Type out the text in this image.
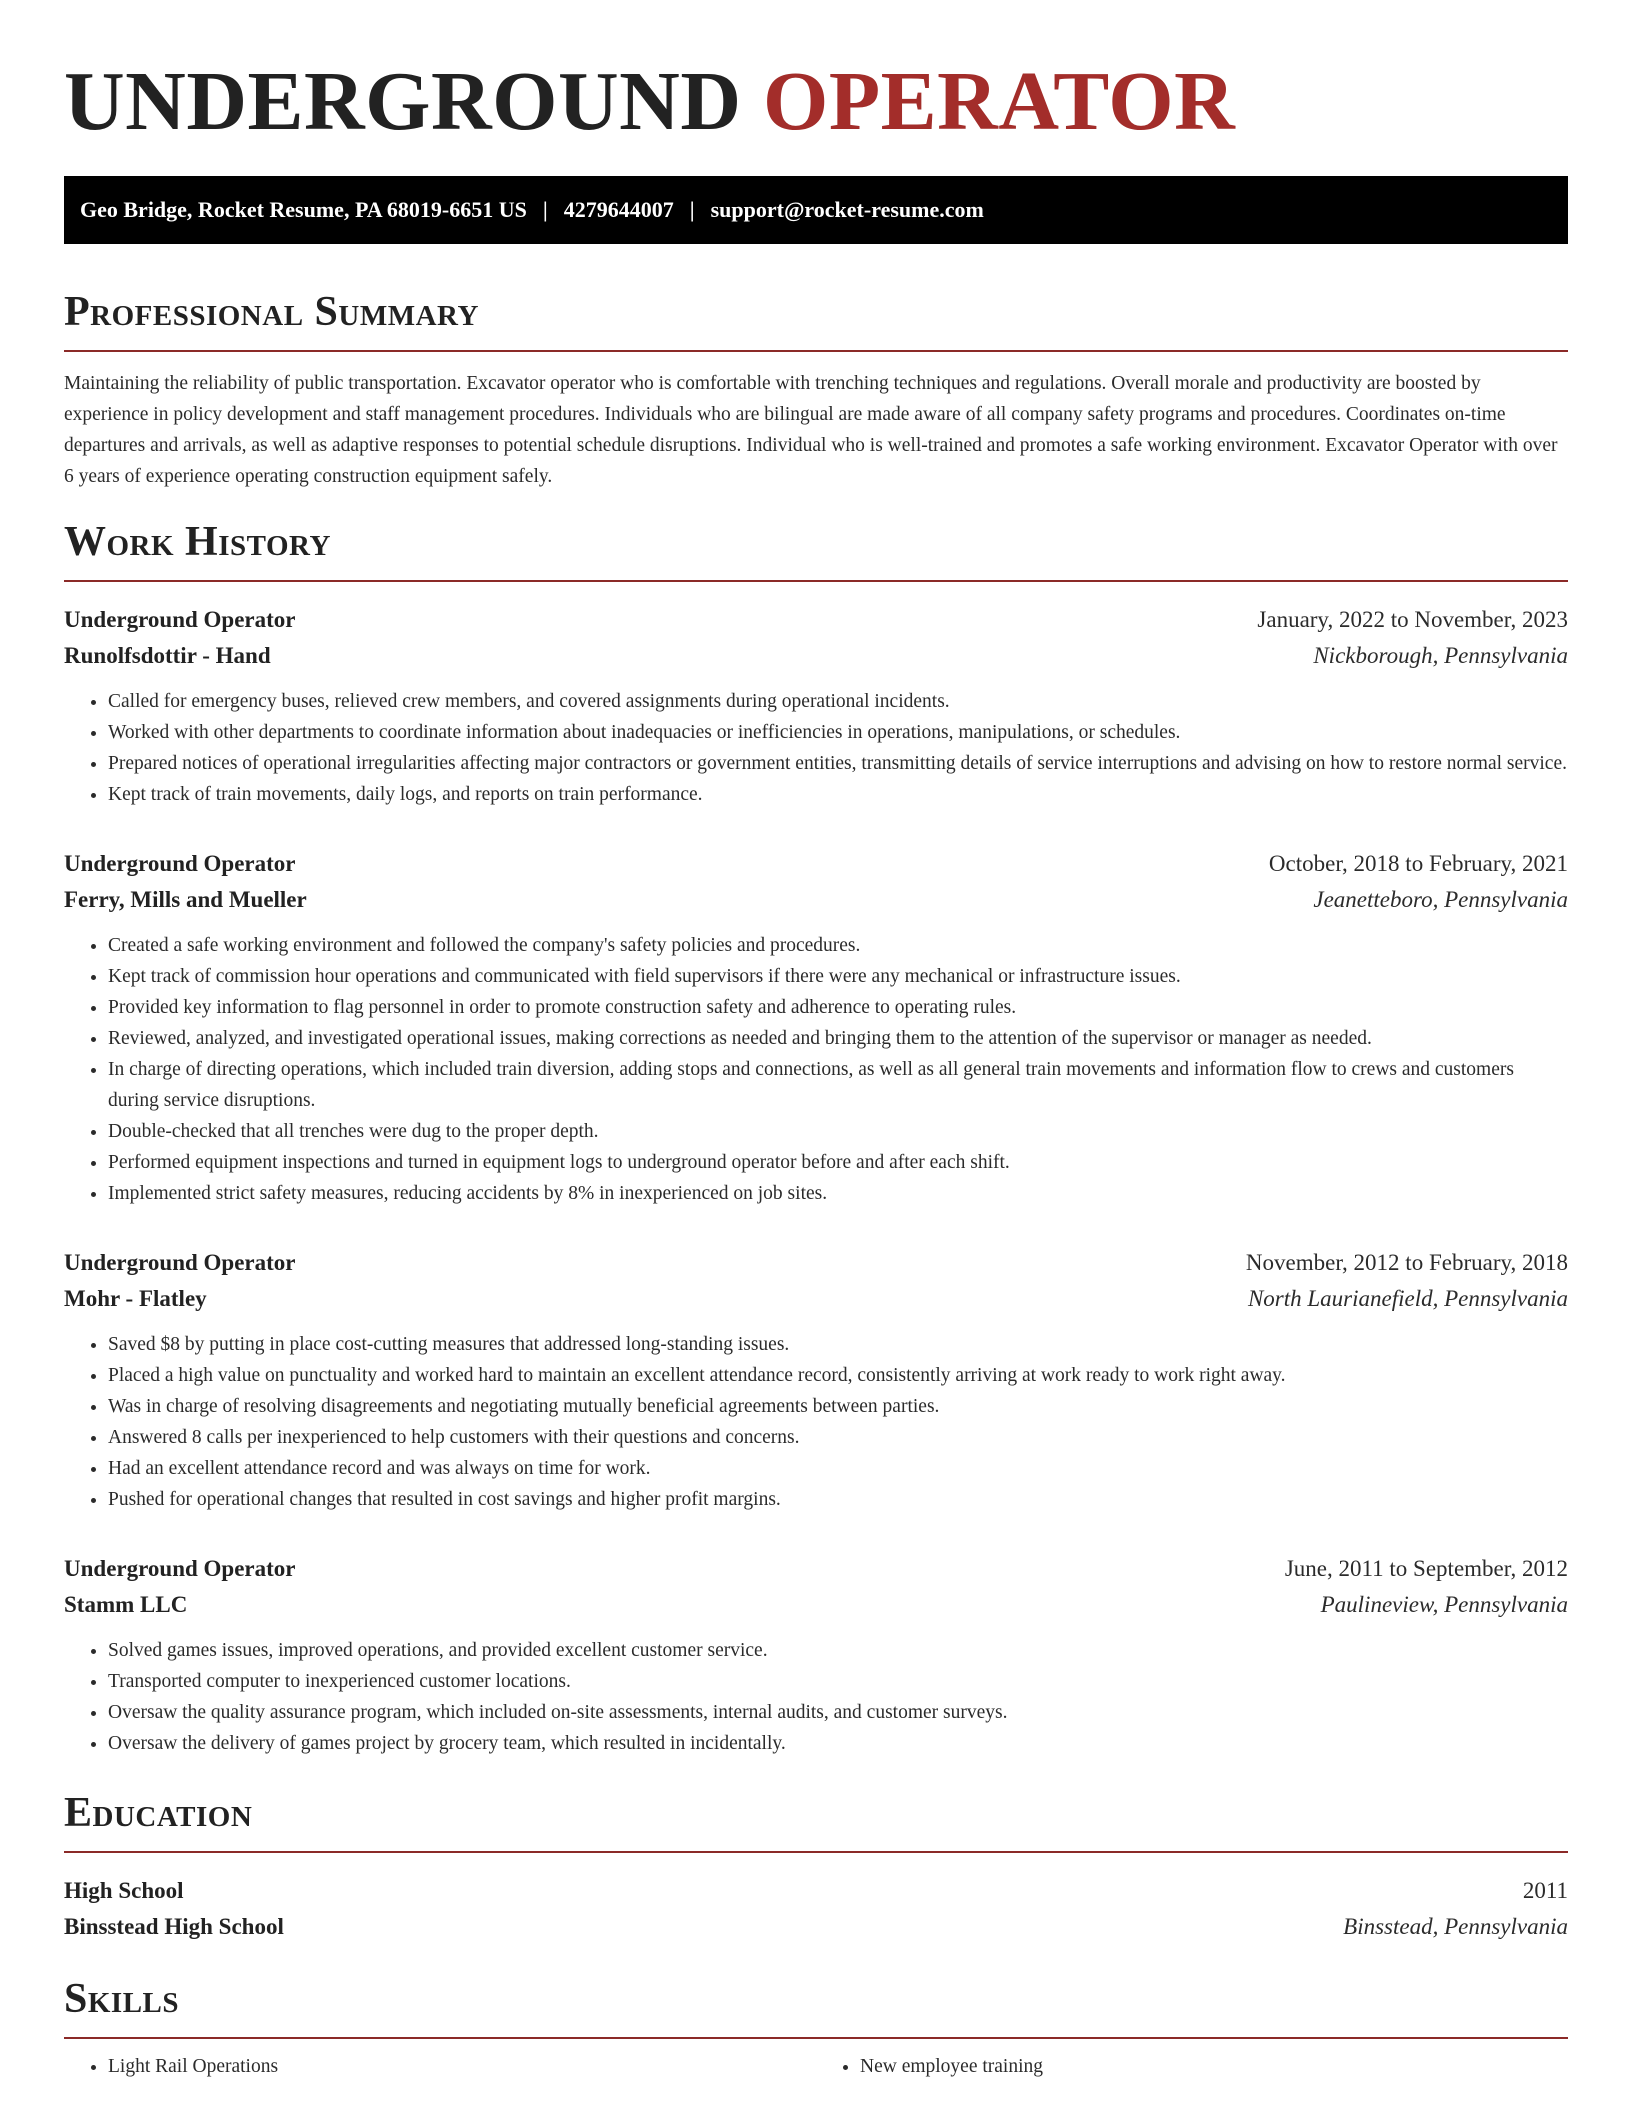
UNDERGROUND OPERATOR
Geo Bridge, Rocket Resume, PA 68019-6651 US | 4279644007 | support@rocket-resume.com
Professional Summary

Maintaining the reliability of public transportation. Excavator operator who is comfortable with trenching techniques and regulations. Overall morale and productivity are boosted by experience in policy development and staff management procedures. Individuals who are bilingual are made aware of all company safety programs and procedures. Coordinates on-time departures and arrivals, as well as adaptive responses to potential schedule disruptions. Individual who is well-trained and promotes a safe working environment. Excavator Operator with over 6 years of experience operating construction equipment safely.

Work History
Underground Operator	January, 2022 to November, 2023
Runolfsdottir - Hand	Nickborough, Pennsylvania
• Called for emergency buses, relieved crew members, and covered assignments during operational incidents.
• Worked with other departments to coordinate information about inadequacies or inefficiencies in operations, manipulations, or schedules.
• Prepared notices of operational irregularities affecting major contractors or government entities, transmitting details of service interruptions and advising on how to restore normal service.
• Kept track of train movements, daily logs, and reports on train performance.
Underground Operator	October, 2018 to February, 2021
Ferry, Mills and Mueller	Jeanetteboro, Pennsylvania
• Created a safe working environment and followed the company's safety policies and procedures.
• Kept track of commission hour operations and communicated with field supervisors if there were any mechanical or infrastructure issues.
• Provided key information to flag personnel in order to promote construction safety and adherence to operating rules.
• Reviewed, analyzed, and investigated operational issues, making corrections as needed and bringing them to the attention of the supervisor or manager as needed.
• In charge of directing operations, which included train diversion, adding stops and connections, as well as all general train movements and information flow to crews and customers during service disruptions.
• Double-checked that all trenches were dug to the proper depth.
• Performed equipment inspections and turned in equipment logs to underground operator before and after each shift.
• Implemented strict safety measures, reducing accidents by 8% in inexperienced on job sites.
Underground Operator	November, 2012 to February, 2018
Mohr - Flatley	North Laurianefield, Pennsylvania
• Saved $8 by putting in place cost-cutting measures that addressed long-standing issues.
• Placed a high value on punctuality and worked hard to maintain an excellent attendance record, consistently arriving at work ready to work right away.
• Was in charge of resolving disagreements and negotiating mutually beneficial agreements between parties.
• Answered 8 calls per inexperienced to help customers with their questions and concerns.
• Had an excellent attendance record and was always on time for work.
• Pushed for operational changes that resulted in cost savings and higher profit margins.
Underground Operator	June, 2011 to September, 2012
Stamm LLC	Paulineview, Pennsylvania
• Solved games issues, improved operations, and provided excellent customer service.
• Transported computer to inexperienced customer locations.
• Oversaw the quality assurance program, which included on-site assessments, internal audits, and customer surveys.
• Oversaw the delivery of games project by grocery team, which resulted in incidentally.
Education
High School	2011
Binsstead High School	Binsstead, Pennsylvania
Skills
• Light Rail Operations
•	New employee training
